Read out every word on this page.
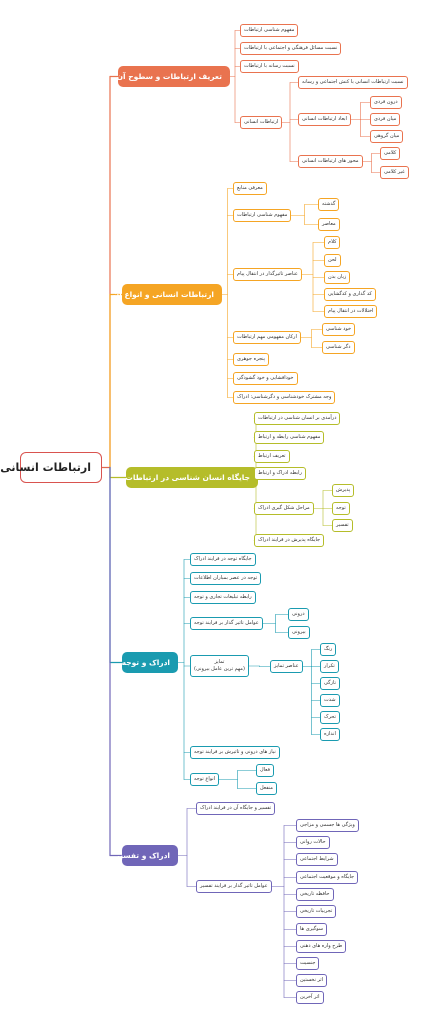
ارتباطات انسانی
تعریف ارتباطات و سطوح آن
مفهوم شناسی ارتباطات
نسبت مسائل فرهنگی و اجتماعی با ارتباطات
نسبت رسانه با ارتباطات
ارتباطات انسانی
نسبت ارتباطات انسانی با کنش اجتماعی و رسانه
ابعاد ارتباطات انسانی
درون فردی
میان فردی
میان گروهی
محور های ارتباطات انسانی
کلامی
غیر کلامی
ارتباطات انسانی و انواع آن
معرفی منابع
مفهوم شناسی ارتباطات
گذشته
معاصر
عناصر تاثیرگذار در انتقال پیام
کلام
لحن
زبان بدن
کد گذاری و کدگشایی
اختلالات در انتقال پیام
ارکان مفهومی مهم ارتباطات
خود شناسی
دگر شناسی
پنجره جوهری
خودافشایی و خود گشودگی
وجه مشترک خودشناسی و دگرشناسی: ادراک
جایگاه انسان شناسی در ارتباطات
درآمدی بر انسان شناسی در ارتباطات
مفهوم شناسی رابطه و ارتباط
تعریف ارتباط
رابطه ادراک و ارتباط
مراحل شکل گیری ادراک
پذیرش
توجه
تفسیر
جایگاه پذیرش در فرایند ادراک
ادراک و توجه
جایگاه توجه در فرایند ادراک
توجه در عصر بمباران اطلاعات
رابطه تبلیغات تجاری و توجه
عوامل تاثیر گذار بر فرایند توجه
درونی
بیرونی
تمایز
(مهم ترین عامل بیرونی)	عناصر تمایز
رنگ
تکرار
تازگی
شدت
تحرک
اندازه
نیاز های درونی و تاثیرش بر فرایند توجه
انواع توجه
فعال
منفعل
ادراک و تفسیر
تفسیر و جایگاه آن در فرایند ادراک
عوامل تاثیر گذار بر فرایند تفسیر
ویژگی ها جسمی و مزاجی
حالات روانی
شرایط اجتماعی
جایگاه و موقعیت اجتماعی
حافظه تاریخی
تجربیات تاریخی
سوگیری ها
طرح واره های ذهنی
جنسیت
اثر نخستین
اثر آخرین
